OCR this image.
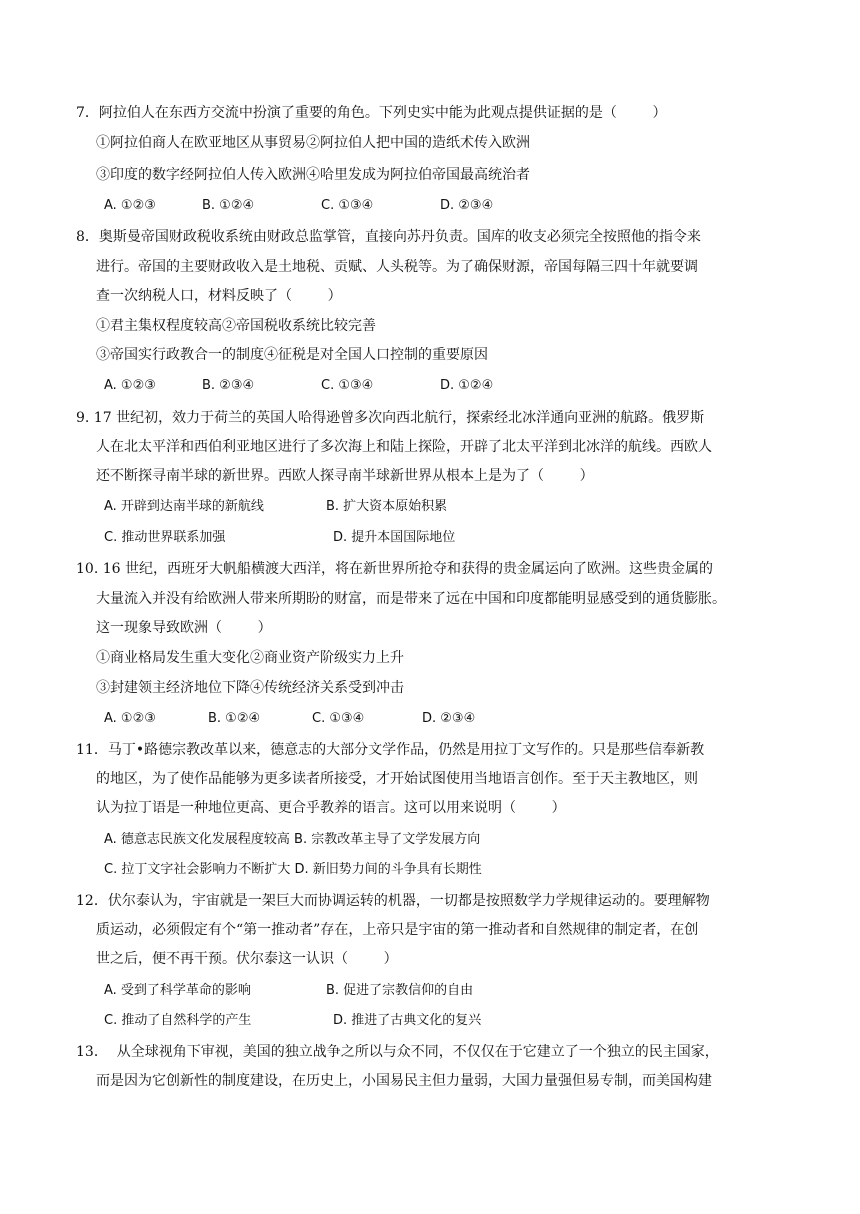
7．阿拉伯人在东西方交流中扮演了重要的角色。下列史实中能为此观点提供证据的是（        ）
①阿拉伯商人在欧亚地区从事贸易②阿拉伯人把中国的造纸术传入欧洲
③印度的数字经阿拉伯人传入欧洲④哈里发成为阿拉伯帝国最高统治者
A. ①②③	B. ①②④	C. ①③④	D. ②③④
8．奥斯曼帝国财政税收系统由财政总监掌管，直接向苏丹负责。国库的收支必须完全按照他的指令来
进行。帝国的主要财政收入是土地税、贡赋、人头税等。为了确保财源，帝国每隔三四十年就要调
查一次纳税人口，材料反映了（        ）
①君主集权程度较高②帝国税收系统比较完善
③帝国实行政教合一的制度④征税是对全国人口控制的重要原因
A. ①②③	B. ②③④	C. ①③④	D. ①②④
9. 17 世纪初，效力于荷兰的英国人哈得逊曾多次向西北航行，探索经北冰洋通向亚洲的航路。俄罗斯
人在北太平洋和西伯利亚地区进行了多次海上和陆上探险，开辟了北太平洋到北冰洋的航线。西欧人
还不断探寻南半球的新世界。西欧人探寻南半球新世界从根本上是为了（        ）
A. 开辟到达南半球的新航线	B. 扩大资本原始积累
C. 推动世界联系加强	D. 提升本国国际地位
10. 16 世纪，西班牙大帆船横渡大西洋，将在新世界所抢夺和获得的贵金属运向了欧洲。这些贵金属的
大量流入并没有给欧洲人带来所期盼的财富，而是带来了远在中国和印度都能明显感受到的通货膨胀。
这一现象导致欧洲（        ）
①商业格局发生重大变化②商业资产阶级实力上升
③封建领主经济地位下降④传统经济关系受到冲击
A. ①②③	B. ①②④	C. ①③④	D. ②③④
11．马丁•路德宗教改革以来，德意志的大部分文学作品，仍然是用拉丁文写作的。只是那些信奉新教
的地区，为了使作品能够为更多读者所接受，才开始试图使用当地语言创作。至于天主教地区，则
认为拉丁语是一种地位更高、更合乎教养的语言。这可以用来说明（        ）
A. 德意志民族文化发展程度较高 B. 宗教改革主导了文学发展方向
C. 拉丁文字社会影响力不断扩大 D. 新旧势力间的斗争具有长期性
12．伏尔泰认为，宇宙就是一架巨大而协调运转的机器，一切都是按照数学力学规律运动的。要理解物
质运动，必须假定有个“第一推动者”存在，上帝只是宇宙的第一推动者和自然规律的制定者，在创
世之后，便不再干预。伏尔泰这一认识（        ）
A. 受到了科学革命的影响	B. 促进了宗教信仰的自由
C. 推动了自然科学的产生	D. 推进了古典文化的复兴
13．  从全球视角下审视，美国的独立战争之所以与众不同，不仅仅在于它建立了一个独立的民主国家，
而是因为它创新性的制度建设，在历史上，小国易民主但力量弱，大国力量强但易专制，而美国构建
